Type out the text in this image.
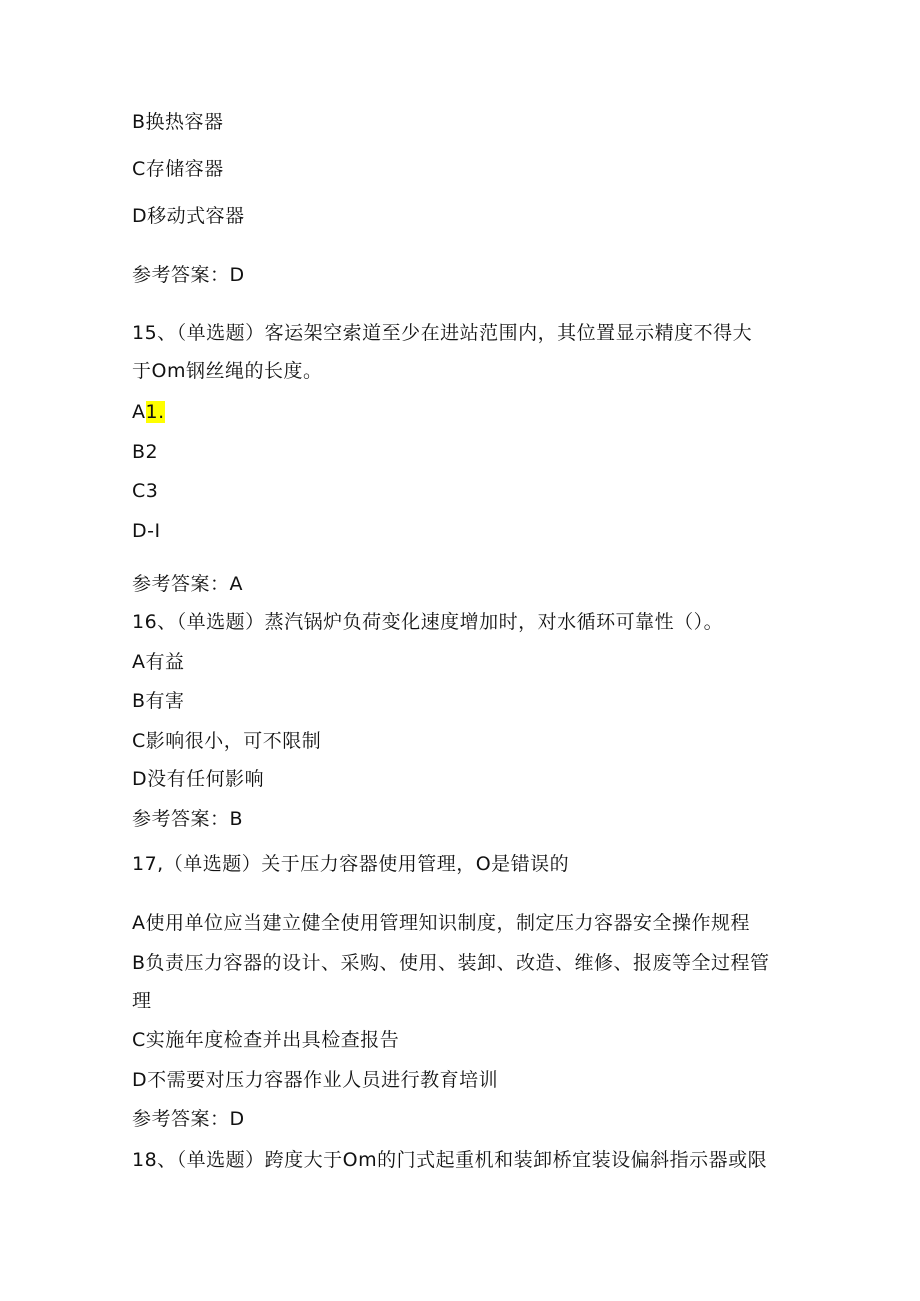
B换热容器
C存储容器
D移动式容器
参考答案：D
15、（单选题）客运架空索道至少在进站范围内，其位置显示精度不得大
于Om钢丝绳的长度。
A1.
B2
C3
D-I
参考答案：A
16、（单选题）蒸汽锅炉负荷变化速度增加时，对水循环可靠性（）。
A有益
B有害
C影响很小，可不限制
D没有任何影响
参考答案：B
17,（单选题）关于压力容器使用管理，O是错误的
A使用单位应当建立健全使用管理知识制度，制定压力容器安全操作规程
B负责压力容器的设计、采购、使用、装卸、改造、维修、报废等全过程管
理
C实施年度检查并出具检查报告
D不需要对压力容器作业人员进行教育培训
参考答案：D
18、（单选题）跨度大于Om的门式起重机和装卸桥宜装设偏斜指示器或限
